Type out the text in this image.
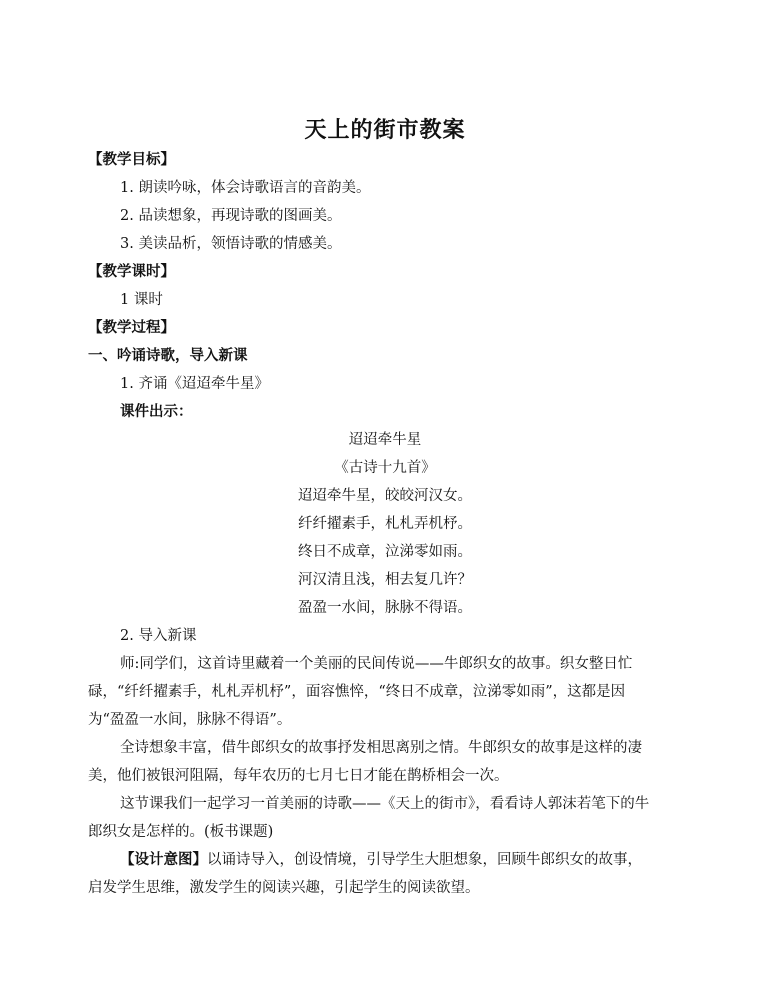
天上的街市教案
【教学目标】
1. 朗读吟咏，体会诗歌语言的音韵美。
2. 品读想象，再现诗歌的图画美。
3. 美读品析，领悟诗歌的情感美。
【教学课时】
1 课时
【教学过程】
一、吟诵诗歌，导入新课
1. 齐诵《迢迢牵牛星》
课件出示：
迢迢牵牛星
《古诗十九首》
迢迢牵牛星，皎皎河汉女。
纤纤擢素手，札札弄机杼。
终日不成章，泣涕零如雨。
河汉清且浅，相去复几许？
盈盈一水间，脉脉不得语。
2. 导入新课
师:同学们，这首诗里藏着一个美丽的民间传说——牛郎织女的故事。织女整日忙
碌，“纤纤擢素手，札札弄机杼”，面容憔悴，“终日不成章，泣涕零如雨”，这都是因
为“盈盈一水间，脉脉不得语”。
全诗想象丰富，借牛郎织女的故事抒发相思离别之情。牛郎织女的故事是这样的凄
美，他们被银河阻隔，每年农历的七月七日才能在鹊桥相会一次。
这节课我们一起学习一首美丽的诗歌——《天上的街市》，看看诗人郭沫若笔下的牛
郎织女是怎样的。(板书课题)
【设计意图】以诵诗导入，创设情境，引导学生大胆想象，回顾牛郎织女的故事，
启发学生思维，激发学生的阅读兴趣，引起学生的阅读欲望。
